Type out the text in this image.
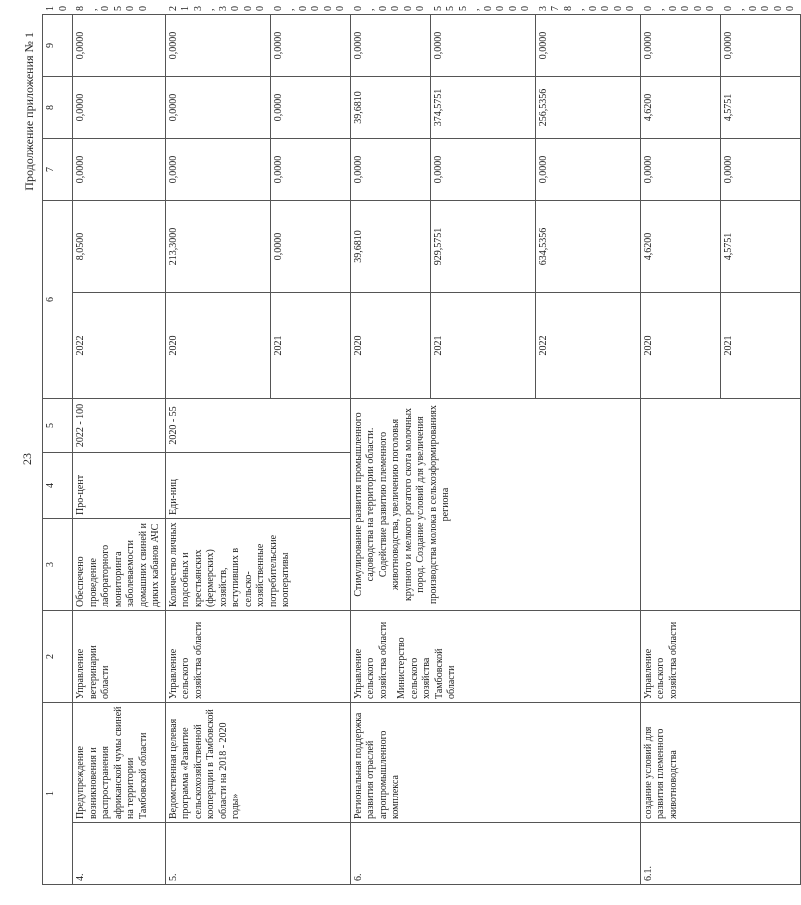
23
Продолжение приложения № 1
1		2	3	4	5	6		7	8	9	10
4.	Предупреждение возникновения и распространения африканской чумы свиней на территории Тамбовской области	Управление ветеринарии области	Обеспечено проведение лабораторного мониторинга заболеваемости домашних свиней и диких кабанов АЧС	Про-цент	2022 - 100	2022	8,0500	0,0000	0,0000	0,0000	8,0500
5.	Ведомственная целевая программа «Развитие сельскохозяйственной кооперации в Тамбовской области на 2018 - 2020 годы»	Управление сельского хозяйства области	Количество личных подсобных и крестьянских (фермерских) хозяйств, вступивших в сельско-хозяйственные потребительские кооперативы	Еди-ниц	2020 - 55	2020	213,3000	0,0000	0,0000	0,0000	213,3000
						2021	0,0000	0,0000	0,0000	0,0000	0,0000
6.	Региональная поддержка развития отраслей агропромышленного комплекса	Управление сельского хозяйства области Министерство сельского хозяйства Тамбовской области	Стимулирование развития промышленного садоводства на территории области. Содействие развитию племенного животноводства, увеличению поголовья крупного и мелкого рогатого скота молочных пород. Создание условий для увеличения производства молока в сельхозформированиях региона			2020	39,6810	0,0000	39,6810	0,0000	0,0000
						2021	929,5751	0,0000	374,5751	0,0000	555,0000
						2022	634,5356	0,0000	256,5356	0,0000	378,0000
6.1.	создание условий для развития племенного животноводства	Управление сельского хозяйства области				2020	4,6200	0,0000	4,6200	0,0000	0,0000
						2021	4,5751	0,0000	4,5751	0,0000	0,0000
